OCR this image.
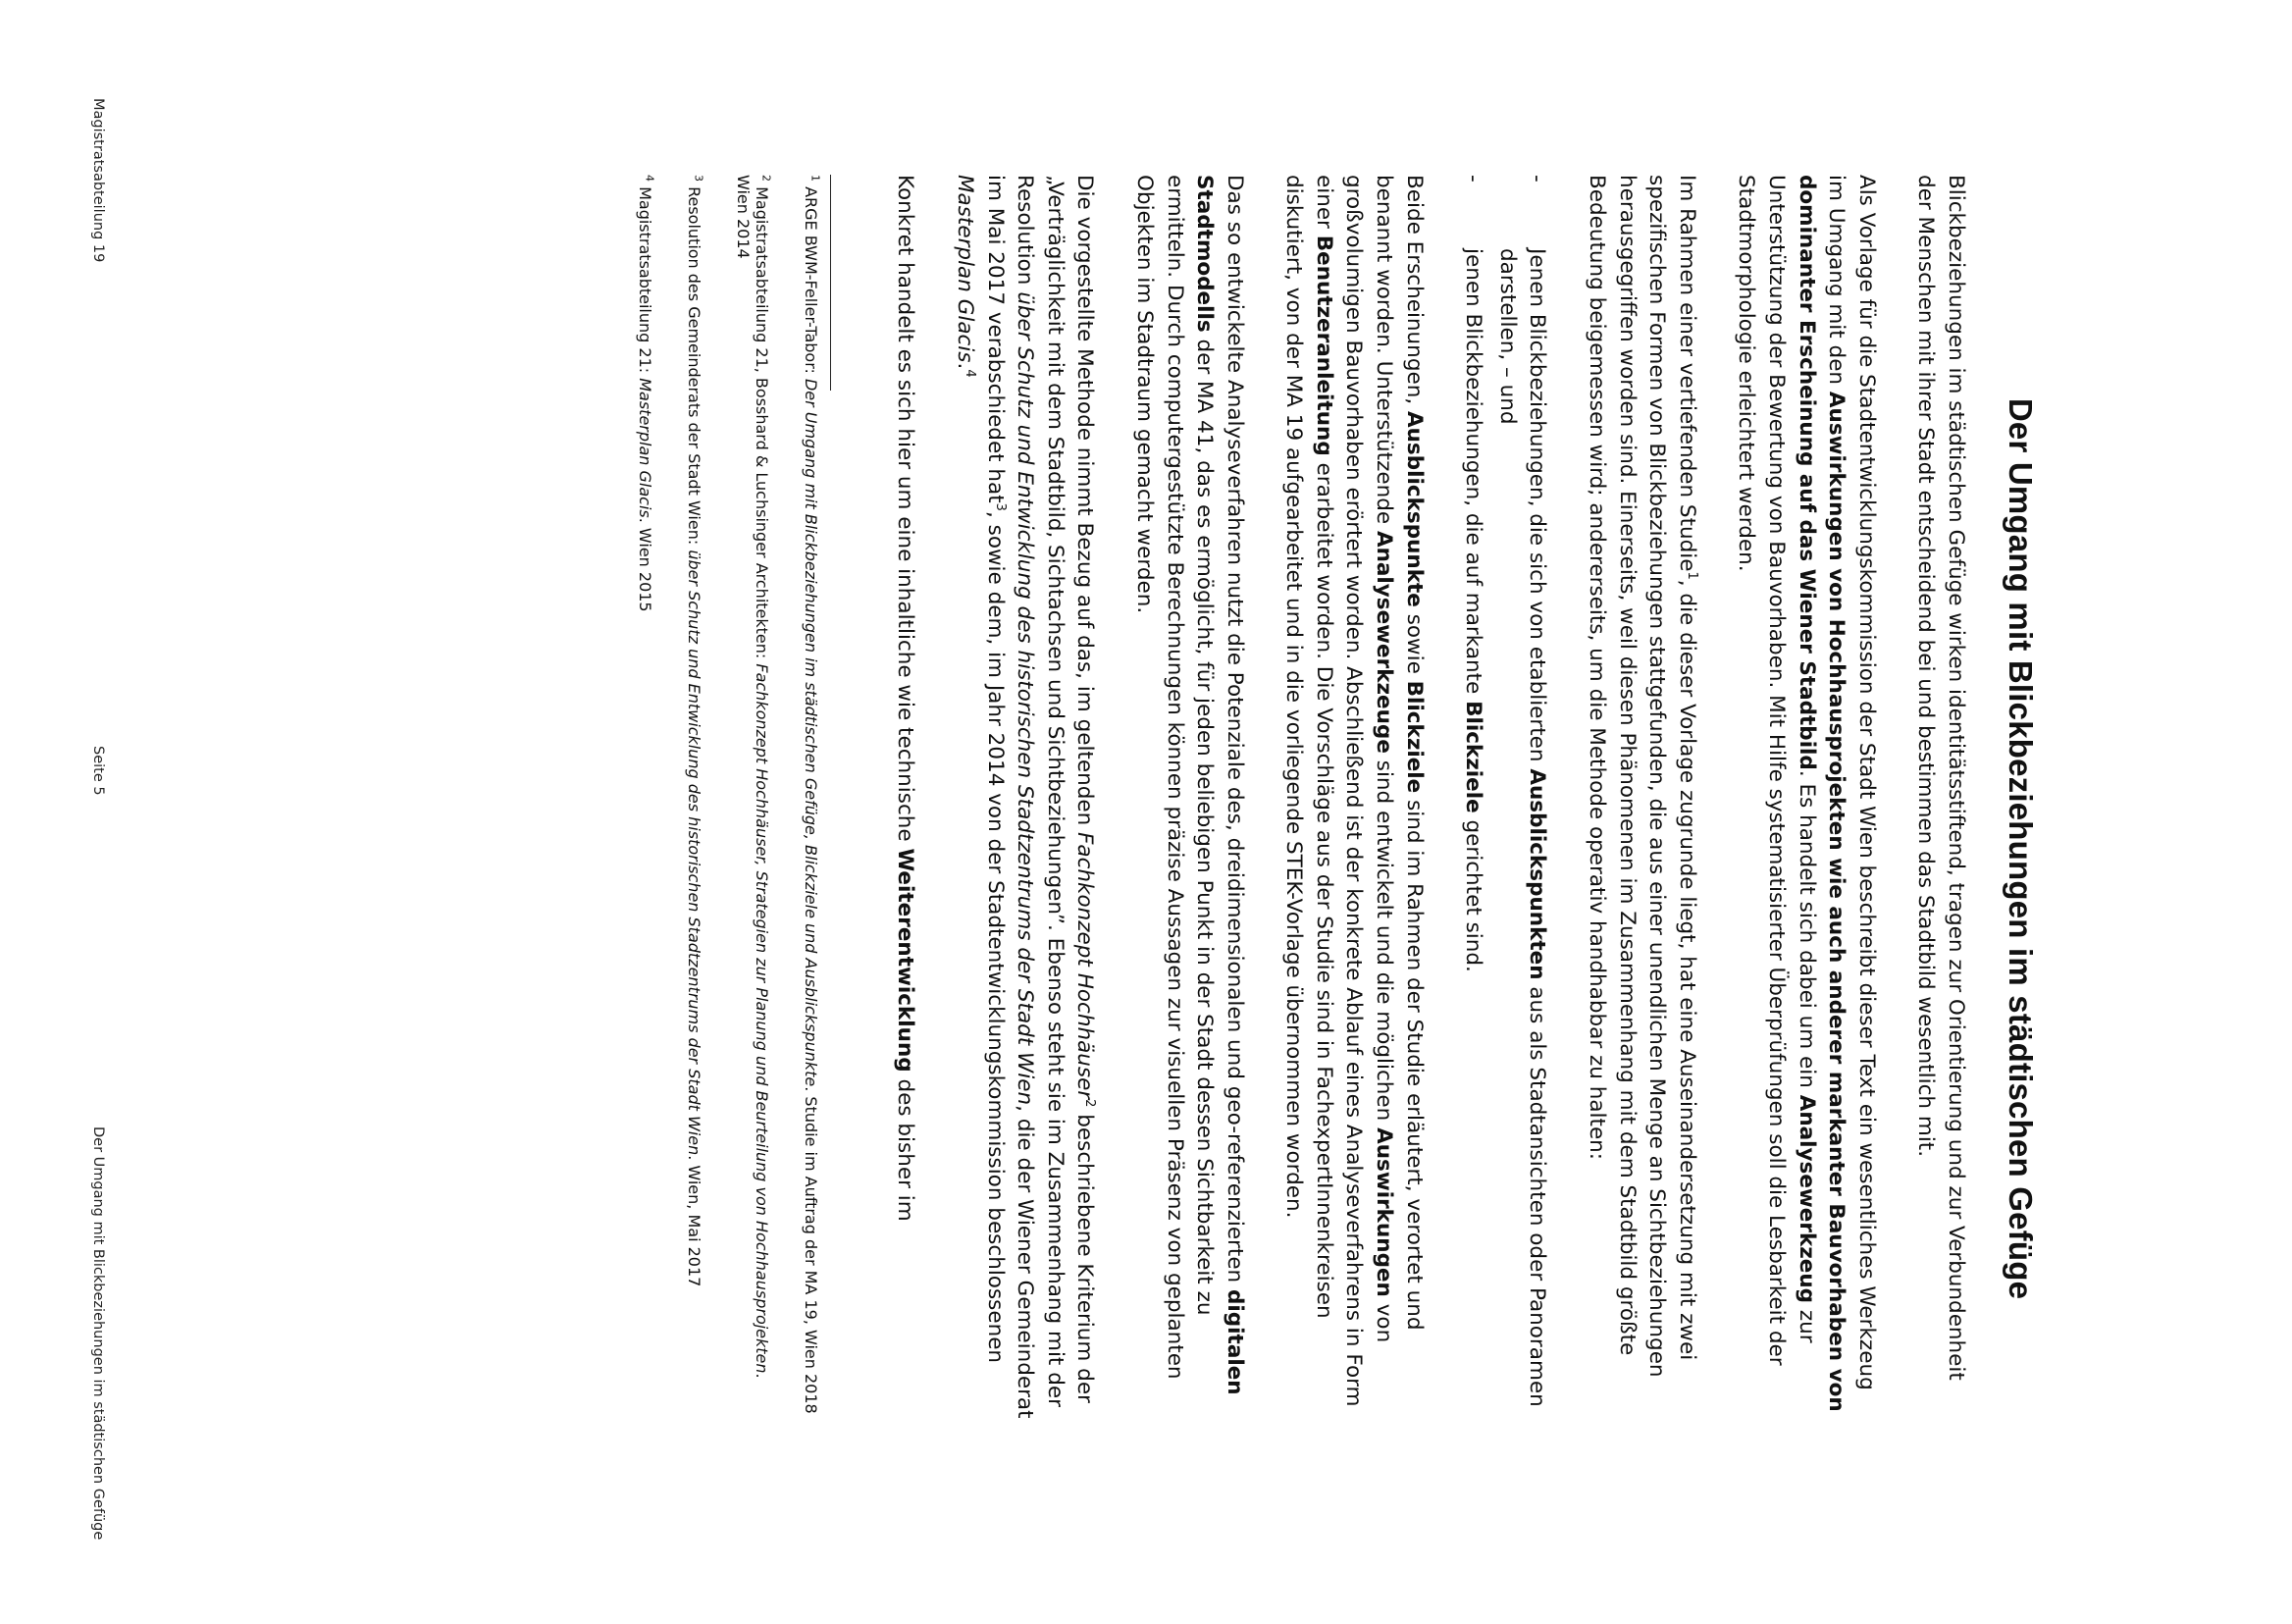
Der Umgang mit Blickbeziehungen im städtischen Gefüge

Blickbeziehungen im städtischen Gefüge wirken identitätsstiftend, tragen zur Orientierung und zur Verbundenheit der Menschen mit ihrer Stadt entscheidend bei und bestimmen das Stadtbild wesentlich mit.

Als Vorlage für die Stadtentwicklungskommission der Stadt Wien beschreibt dieser Text ein wesentliches Werkzeug im Umgang mit den Auswirkungen von Hochhausprojekten wie auch anderer markanter Bauvorhaben von dominanter Erscheinung auf das Wiener Stadtbild. Es handelt sich dabei um ein Analysewerkzeug zur Unterstützung der Bewertung von Bauvorhaben. Mit Hilfe systematisierter Überprüfungen soll die Lesbarkeit der Stadtmorphologie erleichtert werden.

Im Rahmen einer vertiefenden Studie$^1$, die dieser Vorlage zugrunde liegt, hat eine Auseinandersetzung mit zwei spezifischen Formen von Blickbeziehungen stattgefunden, die aus einer unendlichen Menge an Sichtbeziehungen herausgegriffen worden sind. Einerseits, weil diesen Phänomenen im Zusammenhang mit dem Stadtbild größte Bedeutung beigemessen wird; andererseits, um die Methode operativ handhabbar zu halten:

-
Jenen Blickbeziehungen, die sich von etablierten Ausblickspunkten aus als Stadtansichten oder Panoramen darstellen, – und
-
jenen Blickbeziehungen, die auf markante Blickziele gerichtet sind.

Beide Erscheinungen, Ausblickspunkte sowie Blickziele sind im Rahmen der Studie erläutert, verortet und benannt worden. Unterstützende Analysewerkzeuge sind entwickelt und die möglichen Auswirkungen von großvolumigen Bauvorhaben erörtert worden. Abschließend ist der konkrete Ablauf eines Analyseverfahrens in Form einer Benutzeranleitung erarbeitet worden. Die Vorschläge aus der Studie sind in FachexpertInnenkreisen diskutiert, von der MA 19 aufgearbeitet und in die vorliegende STEK-Vorlage übernommen worden.

Das so entwickelte Analyseverfahren nutzt die Potenziale des, dreidimensionalen und geo-referenzierten digitalen Stadtmodells der MA 41, das es ermöglicht, für jeden beliebigen Punkt in der Stadt dessen Sichtbarkeit zu ermitteln. Durch computergestützte Berechnungen können präzise Aussagen zur visuellen Präsenz von geplanten Objekten im Stadtraum gemacht werden.

Die vorgestellte Methode nimmt Bezug auf das, im geltenden Fachkonzept Hochhäuser$^2$ beschriebene Kriterium der „Verträglichkeit mit dem Stadtbild, Sichtachsen und Sichtbeziehungen”. Ebenso steht sie im Zusammenhang mit der Resolution über Schutz und Entwicklung des historischen Stadtzentrums der Stadt Wien, die der Wiener Gemeinderat im Mai 2017 verabschiedet hat$^3$, sowie dem, im Jahr 2014 von der Stadtentwicklungskommission beschlossenen Masterplan Glacis.$^4$

Konkret handelt es sich hier um eine inhaltliche wie technische Weiterentwicklung des bisher im

$^1$ ARGE BWM-Feller-Tabor: Der Umgang mit Blickbeziehungen im städtischen Gefüge, Blickziele und Ausblickspunkte. Studie im Auftrag der MA 19, Wien 2018

$^2$ Magistratsabteilung 21, Bosshard & Luchsinger Architekten: Fachkonzept Hochhäuser, Strategien zur Planung und Beurteilung von Hochhausprojekten. Wien 2014

$^3$ Resolution des Gemeinderats der Stadt Wien: über Schutz und Entwicklung des historischen Stadtzentrums der Stadt Wien. Wien, Mai 2017

$^4$ Magistratsabteilung 21: Masterplan Glacis. Wien 2015

Magistratsabteilung 19
Seite 5
Der Umgang mit Blickbeziehungen im städtischen Gefüge
